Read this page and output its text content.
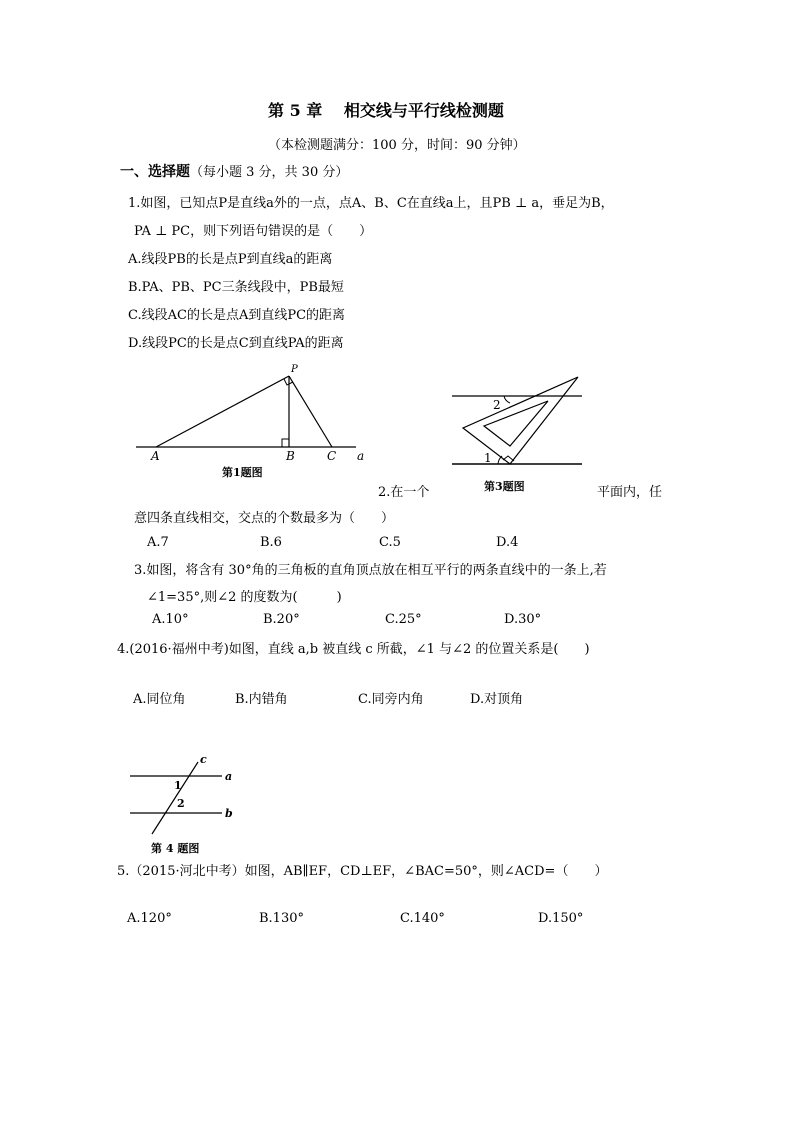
第 5 章　 相交线与平行线检测题
（本检测题满分：100 分，时间：90 分钟）
一、选择题（每小题 3 分，共 30 分）
1.如图，已知点P是直线a外的一点，点A、B、C在直线a上，且PB ⊥ a，垂足为B，
PA ⊥ PC，则下列语句错误的是（　　）
A.线段PB的长是点P到直线a的距离
B.PA、PB、PC三条线段中，PB最短
C.线段AC的长是点A到直线PC的距离
D.线段PC的长是点C到直线PA的距离
P
A	B	C a
第1题图
1
2
第3题图
2.在一个	平面内，任
意四条直线相交，交点的个数最多为（　　）
A.7	B.6	C.5	D.4
3.如图，将含有 30°角的三角板的直角顶点放在相互平行的两条直线中的一条上,若
∠1=35°,则∠2 的度数为(　　　)
A.10°	B.20°	C.25°	D.30°
4.(2016·福州中考)如图，直线 a,b 被直线 c 所截，∠1 与∠2 的位置关系是(　　)
A.同位角	B.内错角	C.同旁内角	D.对顶角
c
a
b
1
2
第 4 题图
5.（2015·河北中考）如图，AB∥EF，CD⊥EF，∠BAC=50°，则∠ACD=（　　）
A.120°	B.130°	C.140°	D.150°
